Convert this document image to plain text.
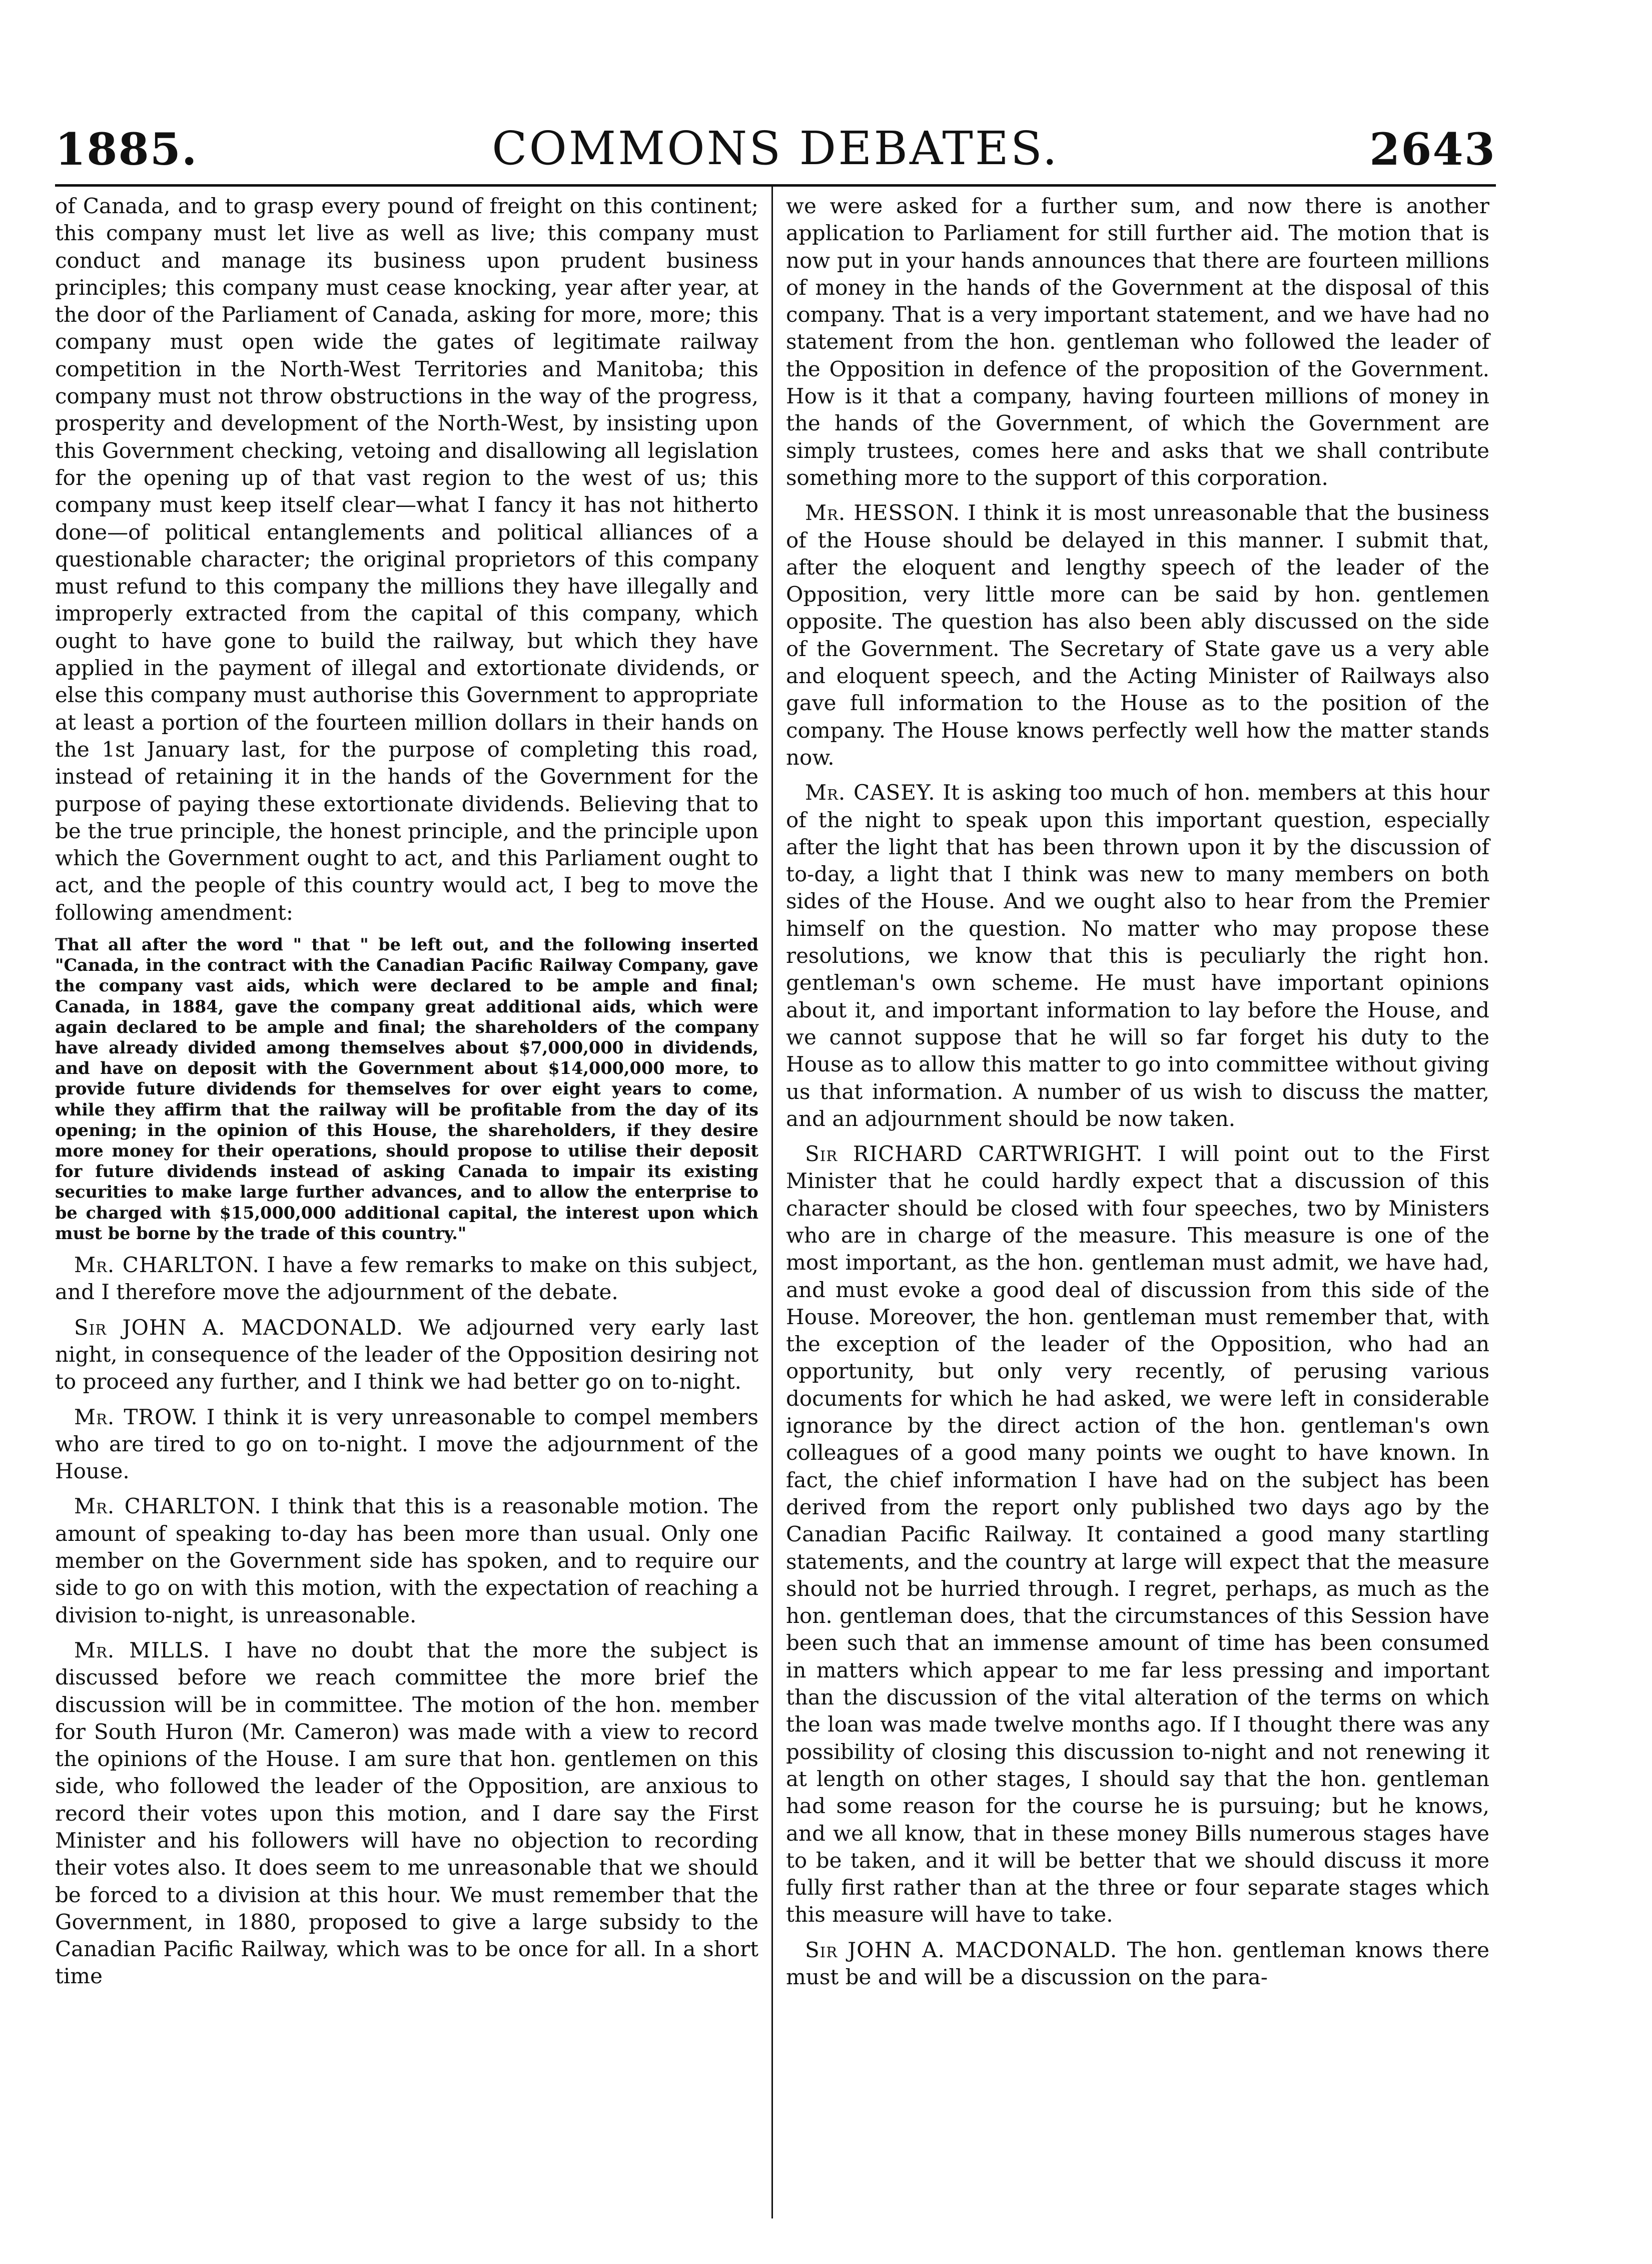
1885.	COMMONS DEBATES.	2643

of Canada, and to grasp every pound of freight on this continent; this company must let live as well as live; this company must conduct and manage its business upon prudent business principles; this company must cease knocking, year after year, at the door of the Parliament of Canada, asking for more, more; this company must open wide the gates of legitimate railway competition in the North-West Territories and Manitoba; this company must not throw obstructions in the way of the progress, prosperity and development of the North-West, by insisting upon this Government checking, vetoing and disallowing all legislation for the opening up of that vast region to the west of us; this company must keep itself clear—what I fancy it has not hitherto done—of political entanglements and political alliances of a questionable character; the original proprietors of this company must refund to this company the millions they have illegally and improperly extracted from the capital of this company, which ought to have gone to build the railway, but which they have applied in the payment of illegal and extortionate dividends, or else this company must authorise this Government to appropriate at least a portion of the fourteen million dollars in their hands on the 1st January last, for the purpose of completing this road, instead of retaining it in the hands of the Government for the purpose of paying these extortionate dividends. Believing that to be the true principle, the honest principle, and the principle upon which the Government ought to act, and this Parliament ought to act, and the people of this country would act, I beg to move the following amendment:

That all after the word " that " be left out, and the following inserted "Canada, in the contract with the Canadian Pacific Railway Company, gave the company vast aids, which were declared to be ample and final; Canada, in 1884, gave the company great additional aids, which were again declared to be ample and final; the shareholders of the company have already divided among themselves about $7,000,000 in dividends, and have on deposit with the Government about $14,000,000 more, to provide future dividends for themselves for over eight years to come, while they affirm that the railway will be profitable from the day of its opening; in the opinion of this House, the shareholders, if they desire more money for their operations, should propose to utilise their deposit for future dividends instead of asking Canada to impair its existing securities to make large further advances, and to allow the enterprise to be charged with $15,000,000 additional capital, the interest upon which must be borne by the trade of this country."

Mr. CHARLTON. I have a few remarks to make on this subject, and I therefore move the adjournment of the debate.

Sir JOHN A. MACDONALD. We adjourned very early last night, in consequence of the leader of the Opposition desiring not to proceed any further, and I think we had better go on to-night.

Mr. TROW. I think it is very unreasonable to compel members who are tired to go on to-night. I move the adjournment of the House.

Mr. CHARLTON. I think that this is a reasonable motion. The amount of speaking to-day has been more than usual. Only one member on the Government side has spoken, and to require our side to go on with this motion, with the expectation of reaching a division to-night, is unreasonable.

Mr. MILLS. I have no doubt that the more the subject is discussed before we reach committee the more brief the discussion will be in committee. The motion of the hon. member for South Huron (Mr. Cameron) was made with a view to record the opinions of the House. I am sure that hon. gentlemen on this side, who followed the leader of the Opposition, are anxious to record their votes upon this motion, and I dare say the First Minister and his followers will have no objection to recording their votes also. It does seem to me unreasonable that we should be forced to a division at this hour. We must remember that the Government, in 1880, proposed to give a large subsidy to the Canadian Pacific Railway, which was to be once for all. In a short time

we were asked for a further sum, and now there is another application to Parliament for still further aid. The motion that is now put in your hands announces that there are fourteen millions of money in the hands of the Government at the disposal of this company. That is a very important statement, and we have had no statement from the hon. gentleman who followed the leader of the Opposition in defence of the proposition of the Government. How is it that a company, having fourteen millions of money in the hands of the Government, of which the Government are simply trustees, comes here and asks that we shall contribute something more to the support of this corporation.

Mr. HESSON. I think it is most unreasonable that the business of the House should be delayed in this manner. I submit that, after the eloquent and lengthy speech of the leader of the Opposition, very little more can be said by hon. gentlemen opposite. The question has also been ably discussed on the side of the Government. The Secretary of State gave us a very able and eloquent speech, and the Acting Minister of Railways also gave full information to the House as to the position of the company. The House knows perfectly well how the matter stands now.

Mr. CASEY. It is asking too much of hon. members at this hour of the night to speak upon this important question, especially after the light that has been thrown upon it by the discussion of to-day, a light that I think was new to many members on both sides of the House. And we ought also to hear from the Premier himself on the question. No matter who may propose these resolutions, we know that this is peculiarly the right hon. gentleman's own scheme. He must have important opinions about it, and important information to lay before the House, and we cannot suppose that he will so far forget his duty to the House as to allow this matter to go into committee without giving us that information. A number of us wish to discuss the matter, and an adjournment should be now taken.

Sir RICHARD CARTWRIGHT. I will point out to the First Minister that he could hardly expect that a discussion of this character should be closed with four speeches, two by Ministers who are in charge of the measure. This measure is one of the most important, as the hon. gentleman must admit, we have had, and must evoke a good deal of discussion from this side of the House. Moreover, the hon. gentleman must remember that, with the exception of the leader of the Opposition, who had an opportunity, but only very recently, of perusing various documents for which he had asked, we were left in considerable ignorance by the direct action of the hon. gentleman's own colleagues of a good many points we ought to have known. In fact, the chief information I have had on the subject has been derived from the report only published two days ago by the Canadian Pacific Railway. It contained a good many startling statements, and the country at large will expect that the measure should not be hurried through. I regret, perhaps, as much as the hon. gentleman does, that the circumstances of this Session have been such that an immense amount of time has been consumed in matters which appear to me far less pressing and important than the discussion of the vital alteration of the terms on which the loan was made twelve months ago. If I thought there was any possibility of closing this discussion to-night and not renewing it at length on other stages, I should say that the hon. gentleman had some reason for the course he is pursuing; but he knows, and we all know, that in these money Bills numerous stages have to be taken, and it will be better that we should discuss it more fully first rather than at the three or four separate stages which this measure will have to take.

Sir JOHN A. MACDONALD. The hon. gentleman knows there must be and will be a discussion on the para-
